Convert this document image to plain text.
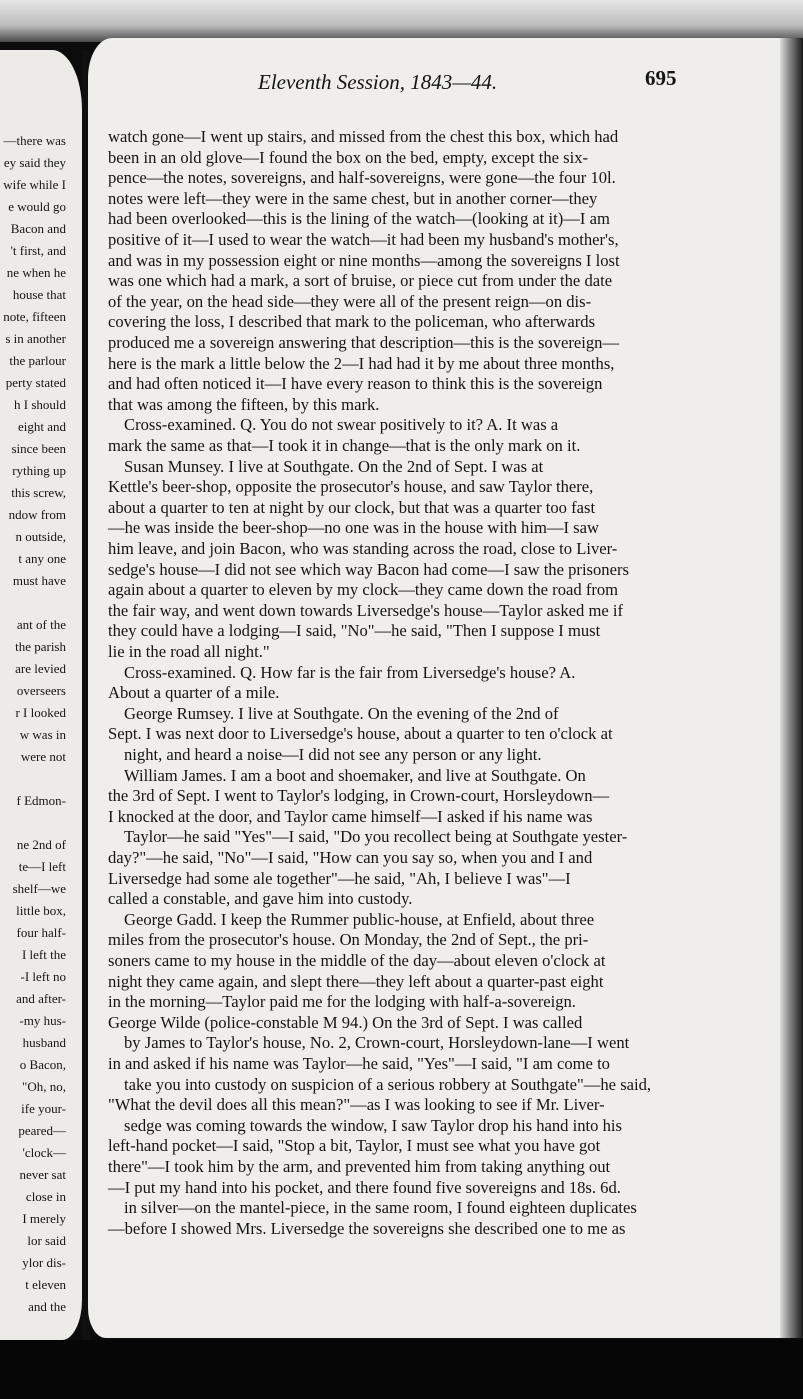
—there was
ey said they
wife while I
e would go
Bacon and
't first, and
ne when he
house that
note, fifteen
s in another
the parlour
perty stated
h I should
eight and
since been
rything up
this screw,
ndow from
n outside,
t any one
must have
ant of the
the parish
are levied
overseers
r I looked
w was in
were not
f Edmon-
ne 2nd of
te—I left
shelf—we
little box,
four half-
I left the
-I left no
and after-
-my hus-
husband
o Bacon,
"Oh, no,
ife your-
peared—
'clock—
never sat
close in
I merely
lor said
ylor dis-
t eleven
and the
Eleventh Session, 1843—44.	695
watch gone—I went up stairs, and missed from the chest this box, which had
been in an old glove—I found the box on the bed, empty, except the six-
pence—the notes, sovereigns, and half-sovereigns, were gone—the four 10l.
notes were left—they were in the same chest, but in another corner—they
had been overlooked—this is the lining of the watch—(looking at it)—I am
positive of it—I used to wear the watch—it had been my husband's mother's,
and was in my possession eight or nine months—among the sovereigns I lost
was one which had a mark, a sort of bruise, or piece cut from under the date
of the year, on the head side—they were all of the present reign—on dis-
covering the loss, I described that mark to the policeman, who afterwards
produced me a sovereign answering that description—this is the sovereign—
here is the mark a little below the 2—I had had it by me about three months,
and had often noticed it—I have every reason to think this is the sovereign
that was among the fifteen, by this mark.
Cross-examined. Q. You do not swear positively to it? A. It was a
mark the same as that—I took it in change—that is the only mark on it.
Susan Munsey. I live at Southgate. On the 2nd of Sept. I was at
Kettle's beer-shop, opposite the prosecutor's house, and saw Taylor there,
about a quarter to ten at night by our clock, but that was a quarter too fast
—he was inside the beer-shop—no one was in the house with him—I saw
him leave, and join Bacon, who was standing across the road, close to Liver-
sedge's house—I did not see which way Bacon had come—I saw the prisoners
again about a quarter to eleven by my clock—they came down the road from
the fair way, and went down towards Liversedge's house—Taylor asked me if
they could have a lodging—I said, "No"—he said, "Then I suppose I must
lie in the road all night."
Cross-examined. Q. How far is the fair from Liversedge's house? A.
About a quarter of a mile.
George Rumsey. I live at Southgate. On the evening of the 2nd of
Sept. I was next door to Liversedge's house, about a quarter to ten o'clock at
night, and heard a noise—I did not see any person or any light.
William James. I am a boot and shoemaker, and live at Southgate. On
the 3rd of Sept. I went to Taylor's lodging, in Crown-court, Horsleydown—
I knocked at the door, and Taylor came himself—I asked if his name was
Taylor—he said "Yes"—I said, "Do you recollect being at Southgate yester-
day?"—he said, "No"—I said, "How can you say so, when you and I and
Liversedge had some ale together"—he said, "Ah, I believe I was"—I
called a constable, and gave him into custody.
George Gadd. I keep the Rummer public-house, at Enfield, about three
miles from the prosecutor's house. On Monday, the 2nd of Sept., the pri-
soners came to my house in the middle of the day—about eleven o'clock at
night they came again, and slept there—they left about a quarter-past eight
in the morning—Taylor paid me for the lodging with half-a-sovereign.
George Wilde (police-constable M 94.) On the 3rd of Sept. I was called
by James to Taylor's house, No. 2, Crown-court, Horsleydown-lane—I went
in and asked if his name was Taylor—he said, "Yes"—I said, "I am come to
take you into custody on suspicion of a serious robbery at Southgate"—he said,
"What the devil does all this mean?"—as I was looking to see if Mr. Liver-
sedge was coming towards the window, I saw Taylor drop his hand into his
left-hand pocket—I said, "Stop a bit, Taylor, I must see what you have got
there"—I took him by the arm, and prevented him from taking anything out
—I put my hand into his pocket, and there found five sovereigns and 18s. 6d.
in silver—on the mantel-piece, in the same room, I found eighteen duplicates
—before I showed Mrs. Liversedge the sovereigns she described one to me as
